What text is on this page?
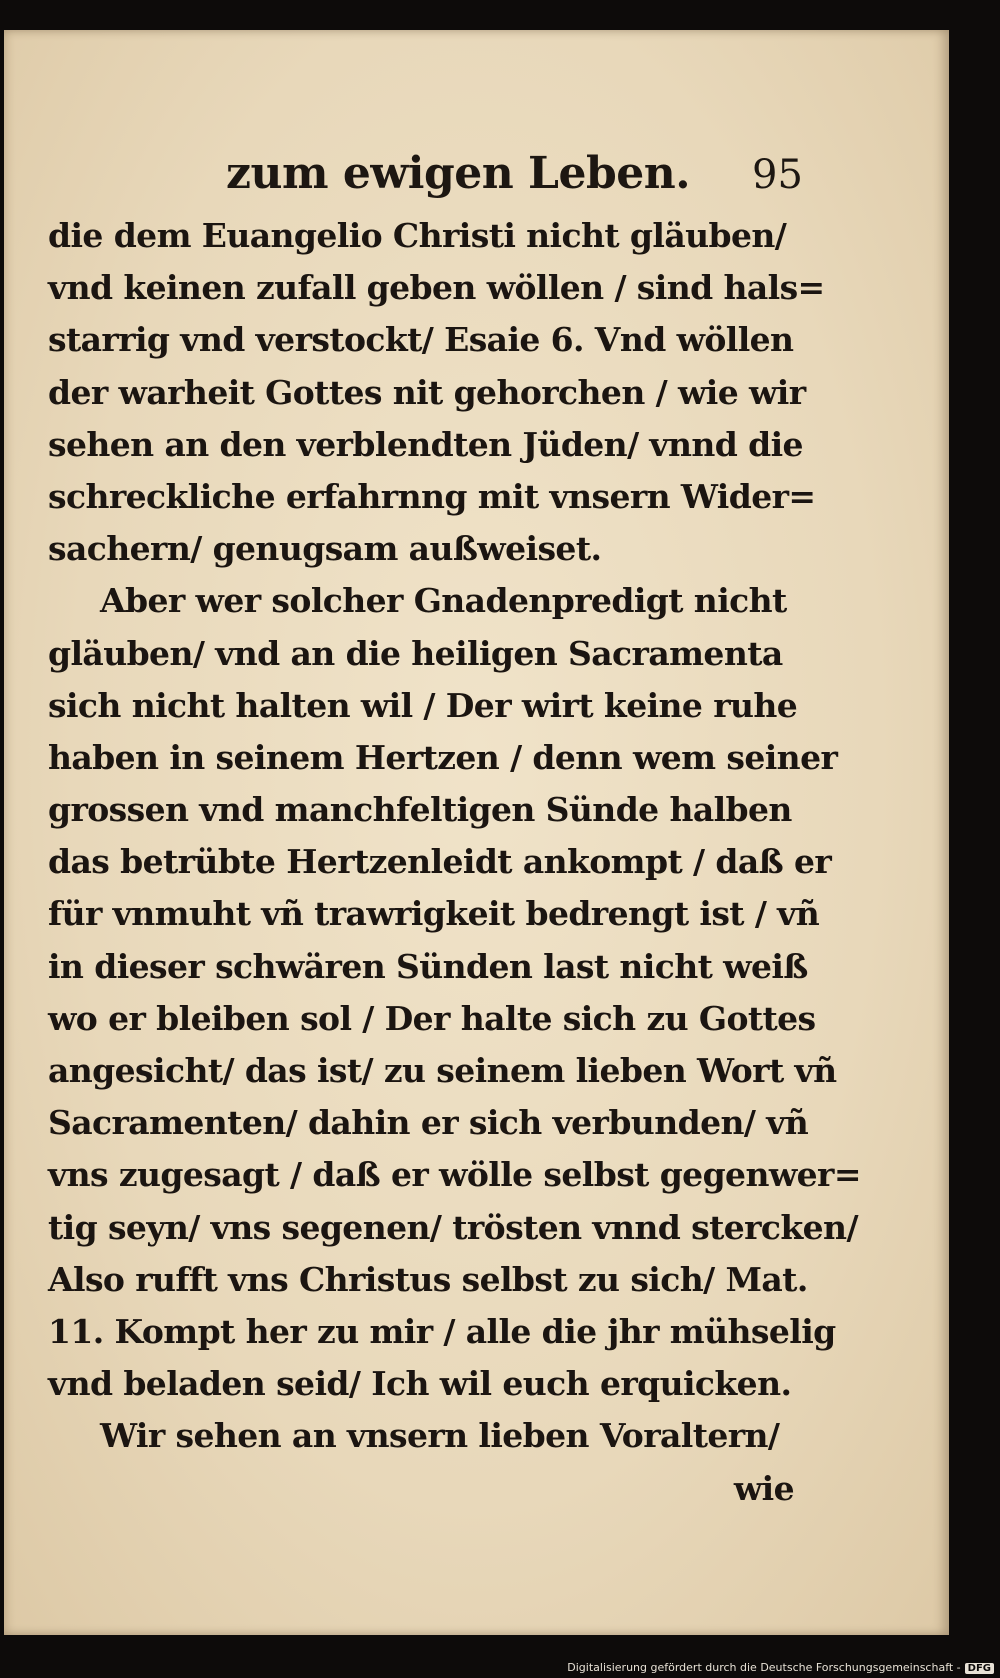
zum ewigen Leben. 95
die dem Euangelio Christi nicht gläuben/
vnd keinen zufall geben wöllen / sind hals=
starrig vnd verstockt/ Esaie 6. Vnd wöllen
der warheit Gottes nit gehorchen / wie wir
sehen an den verblendten Jüden/ vnnd die
schreckliche erfahrnng mit vnsern Wider=
sachern/ genugsam außweiset.
Aber wer solcher Gnadenpredigt nicht
gläuben/ vnd an die heiligen Sacramenta
sich nicht halten wil / Der wirt keine ruhe
haben in seinem Hertzen / denn wem seiner
grossen vnd manchfeltigen Sünde halben
das betrübte Hertzenleidt ankompt / daß er
für vnmuht vñ trawrigkeit bedrengt ist / vñ
in dieser schwären Sünden last nicht weiß
wo er bleiben sol / Der halte sich zu Gottes
angesicht/ das ist/ zu seinem lieben Wort vñ
Sacramenten/ dahin er sich verbunden/ vñ
vns zugesagt / daß er wölle selbst gegenwer=
tig seyn/ vns segenen/ trösten vnnd stercken/
Also rufft vns Christus selbst zu sich/ Mat.
11. Kompt her zu mir / alle die jhr mühselig
vnd beladen seid/ Ich wil euch erquicken.
Wir sehen an vnsern lieben Voraltern/
wie
Digitalisierung gefördert durch die Deutsche Forschungsgemeinschaft - DFG
